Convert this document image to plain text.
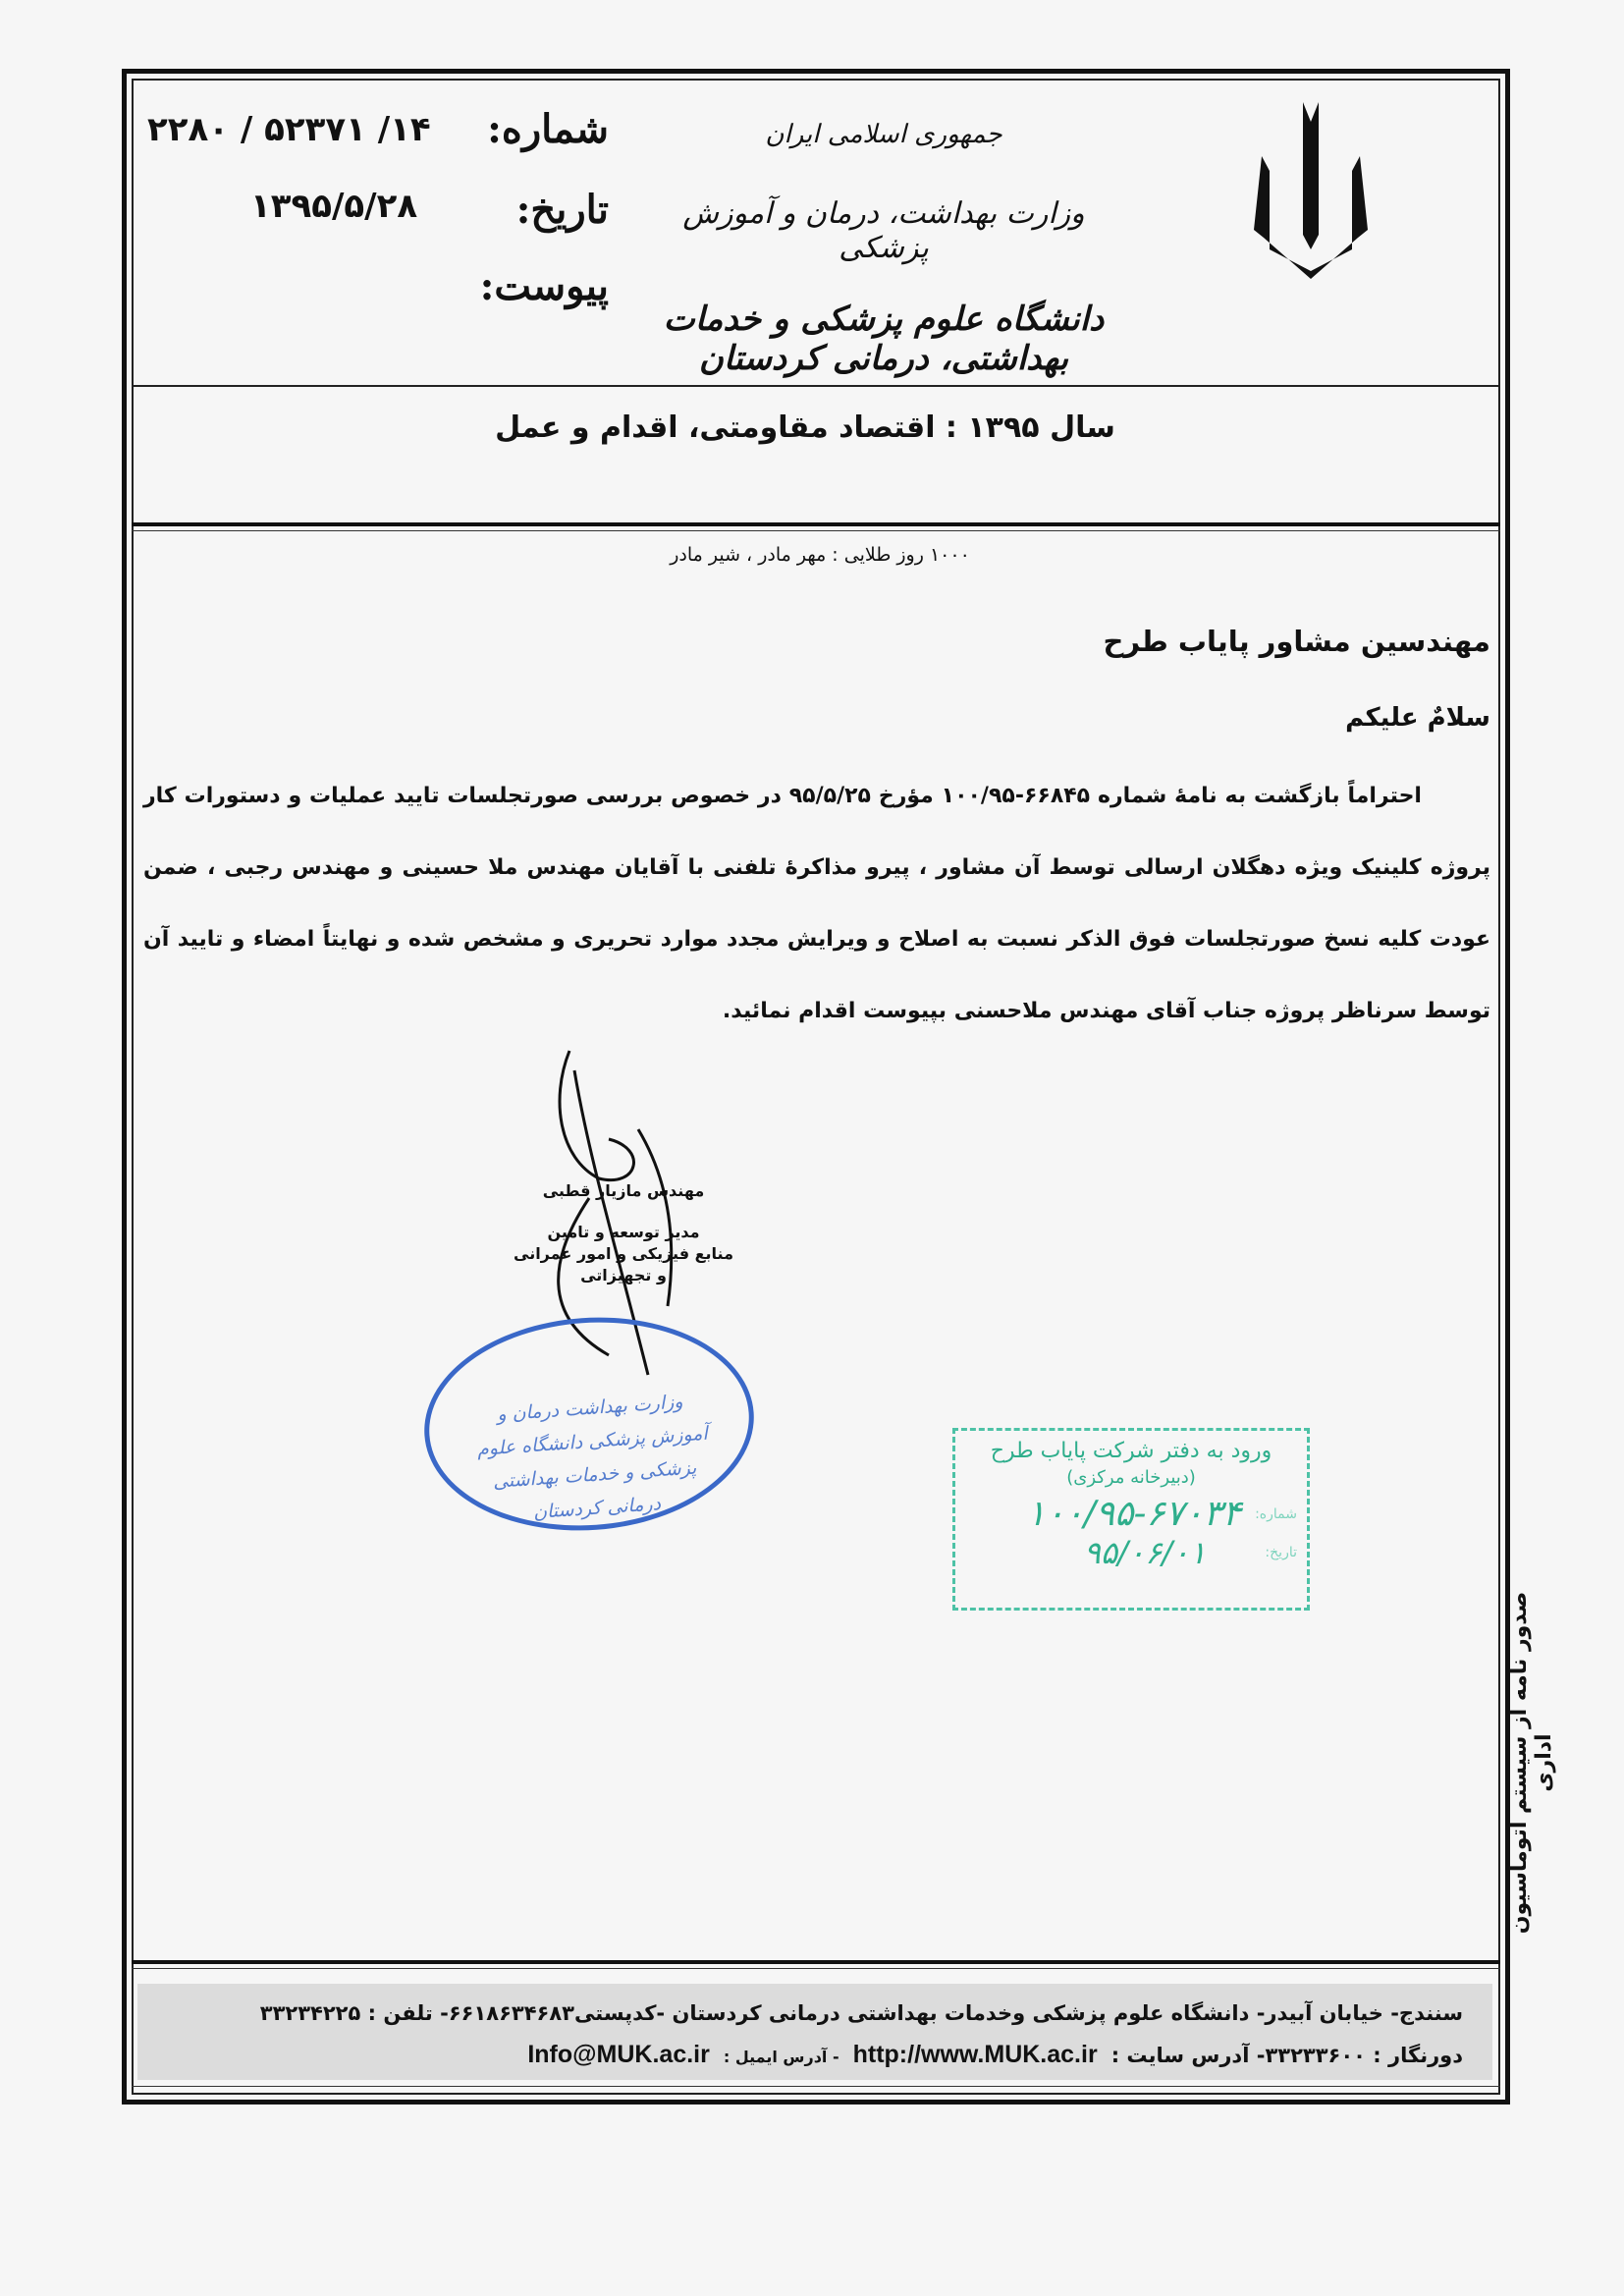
جمهوری اسلامی ایران
وزارت بهداشت، درمان و آموزش پزشکی
دانشگاه علوم پزشکی و خدمات بهداشتی، درمانی کردستان
شماره:
۱۴/ ۵۲۳۷۱ / ۲۲۸۰
تاریخ:
۱۳۹۵/۵/۲۸
پیوست:
سال ۱۳۹۵ : اقتصاد مقاومتی، اقدام و عمل
۱۰۰۰ روز طلایی : مهر مادر ، شیر مادر
مهندسین مشاور پایاب طرح
سلامٌ علیکم
احتراماً بازگشت به نامهٔ شماره ۶۶۸۴۵-۱۰۰/۹۵ مؤرخ ۹۵/۵/۲۵ در خصوص بررسی صورتجلسات تایید عملیات و دستورات کار پروژه کلینیک ویژه دهگلان ارسالی توسط آن مشاور ، پیرو مذاکرهٔ تلفنی با آقایان مهندس ملا حسینی و مهندس رجبی ، ضمن عودت کلیه نسخ صورتجلسات فوق الذکر نسبت به اصلاح و ویرایش مجدد موارد تحریری و مشخص شده و نهایتاً امضاء و تایید آن توسط سرناظر پروژه جناب آقای مهندس ملاحسنی بپیوست اقدام نمائید.
مهندس مازیار قطبی
مدیر توسعه و تامین
منابع فیزیکی و امور عمرانی
و تجهیزاتی
وزارت بهداشت درمان و آموزش پزشکی دانشگاه علوم پزشکی و خدمات بهداشتی درمانی کردستان
ورود به دفتر شرکت پایاب طرح
(دبیرخانه مرکزی)
شماره:
۱۰۰/۹۵-۶۷۰۳۴
تاریخ:
۹۵/۰۶/۰۱
صدور نامه از سیستم اتوماسیون اداری
سنندج- خیابان آبیدر- دانشگاه علوم پزشکی وخدمات بهداشتی درمانی کردستان -کدپستی۶۶۱۸۶۳۴۶۸۳- تلفن : ۳۳۲۳۴۲۲۵
دورنگار : ۳۳۲۳۳۶۰۰- آدرس سایت :
http://www.MUK.ac.ir
- آدرس ایمیل :
Info@MUK.ac.ir
